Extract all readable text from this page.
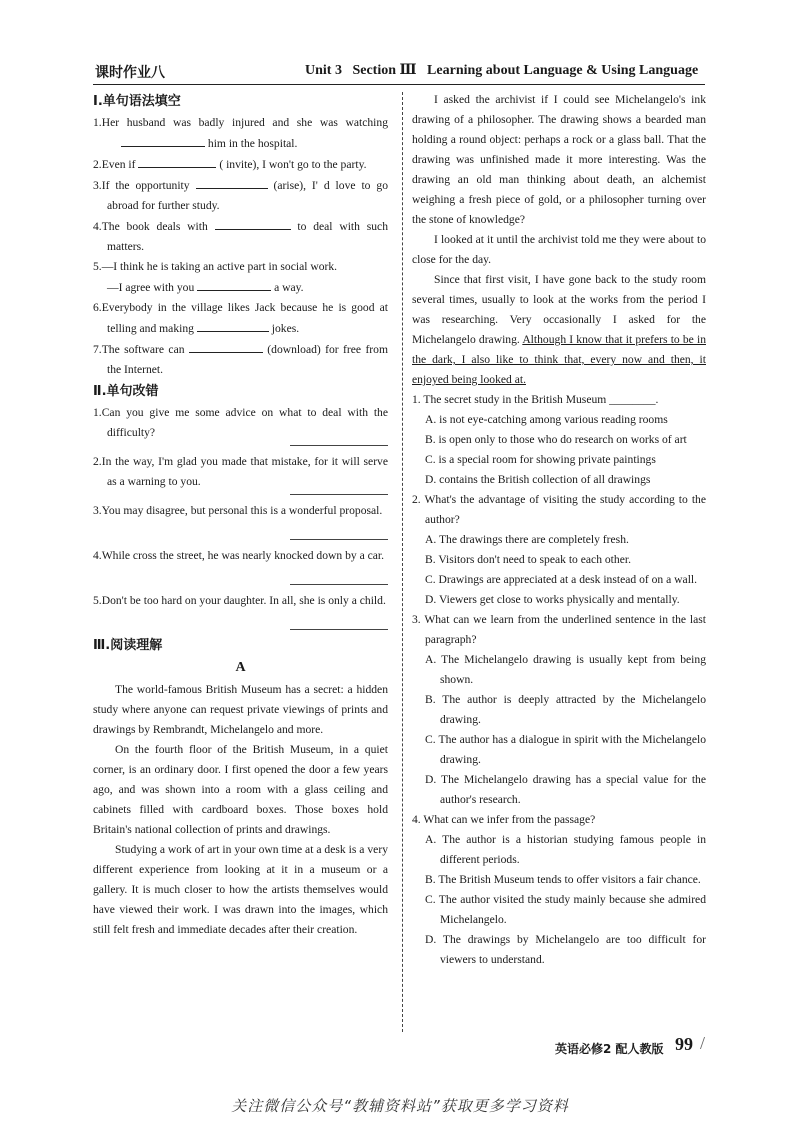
课时作业八	Unit 3   Section Ⅲ   Learning about Language & Using Language
Ⅰ.单句语法填空
1.Her husband was badly injured and she was watching  him in the hospital.
2.Even if	( invite), I won't go to the party.
3.If the opportunity	(arise), I' d love to go abroad for further study.
4.The book deals with	to deal with such matters.
5.—I think he is taking an active part in social work.
—I agree with you	a way.
6.Everybody in the village likes Jack because he is good at telling and making	jokes.
7.The software can	(download) for free from the Internet.
Ⅱ.单句改错
1.Can you give me some advice on what to deal with the difficulty?
2.In the way, I'm glad you made that mistake, for it will serve as a warning to you.
3.You may disagree, but personal this is a wonderful proposal.
4.While cross the street, he was nearly knocked down by a car.
5.Don't be too hard on your daughter. In all, she is only a child.
Ⅲ.阅读理解
A

The world-famous British Museum has a secret: a hidden study where anyone can request private viewings of prints and drawings by Rembrandt, Michelangelo and more.

On the fourth floor of the British Museum, in a quiet corner, is an ordinary door. I first opened the door a few years ago, and was shown into a room with a glass ceiling and cabinets filled with cardboard boxes. Those boxes hold Britain's national collection of prints and drawings.

Studying a work of art in your own time at a desk is a very different experience from looking at it in a museum or a gallery. It is much closer to how the artists themselves would have viewed their work. I was drawn into the images, which still felt fresh and immediate decades after their creation.

I asked the archivist if I could see Michelangelo's ink drawing of a philosopher. The drawing shows a bearded man holding a round object: perhaps a rock or a glass ball. That the drawing was unfinished made it more interesting. Was the drawing an old man thinking about death, an alchemist weighing a fresh piece of gold, or a philosopher turning over the stone of knowledge?

I looked at it until the archivist told me they were about to close for the day.

Since that first visit, I have gone back to the study room several times, usually to look at the works from the period I was researching. Very occasionally I asked for the Michelangelo drawing. Although I know that it prefers to be in the dark, I also like to think that, every now and then, it enjoyed being looked at.

1. The secret study in the British Museum ________.
A. is not eye-catching among various reading rooms
B. is open only to those who do research on works of art
C. is a special room for showing private paintings
D. contains the British collection of all drawings
2. What's the advantage of visiting the study according to the author?
A. The drawings there are completely fresh.
B. Visitors don't need to speak to each other.
C. Drawings are appreciated at a desk instead of on a wall.
D. Viewers get close to works physically and mentally.
3. What can we learn from the underlined sentence in the last paragraph?
A. The Michelangelo drawing is usually kept from being shown.
B. The author is deeply attracted by the Michelangelo drawing.
C. The author has a dialogue in spirit with the Michelangelo drawing.
D. The Michelangelo drawing has a special value for the author's research.
4. What can we infer from the passage?
A. The author is a historian studying famous people in different periods.
B. The British Museum tends to offer visitors a fair chance.
C. The author visited the study mainly because she admired Michelangelo.
D. The drawings by Michelangelo are too difficult for viewers to understand.
英语必修2 配人教版 99 /
关注微信公众号“教辅资料站”获取更多学习资料
